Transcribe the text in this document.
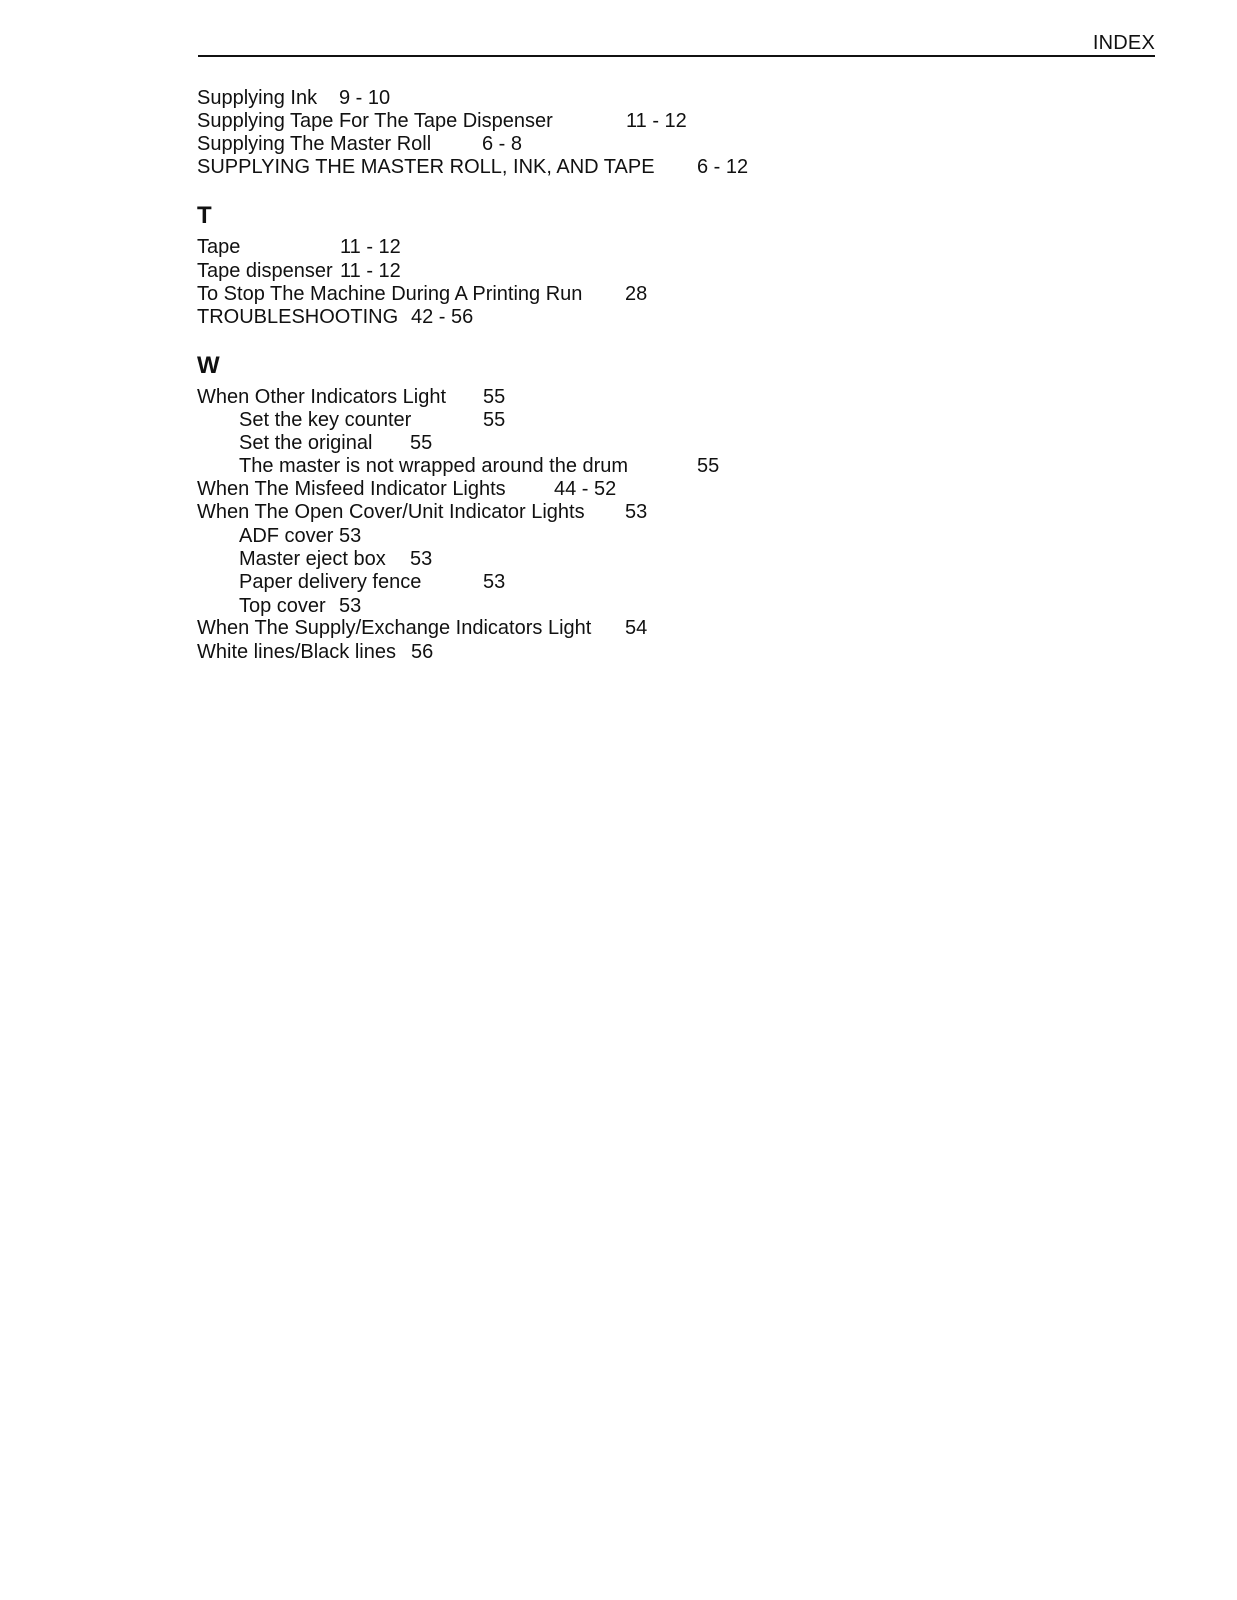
INDEX
Supplying Ink 9 - 10
Supplying Tape For The Tape Dispenser	11 - 12
Supplying The Master Roll	6 - 8
SUPPLYING THE MASTER ROLL, INK, AND TAPE 6 - 12
T
Tape	11 - 12
Tape dispenser 11 - 12
To Stop The Machine During A Printing Run 28
TROUBLESHOOTING 42 - 56
W
When Other Indicators Light 55
Set the key counter	55
Set the original 55
The master is not wrapped around the drum	55
When The Misfeed Indicator Lights 44 - 52
When The Open Cover/Unit Indicator Lights 53
ADF cover 53
Master eject box 53
Paper delivery fence	53
Top cover 53
When The Supply/Exchange Indicators Light 54
White lines/Black lines 56
